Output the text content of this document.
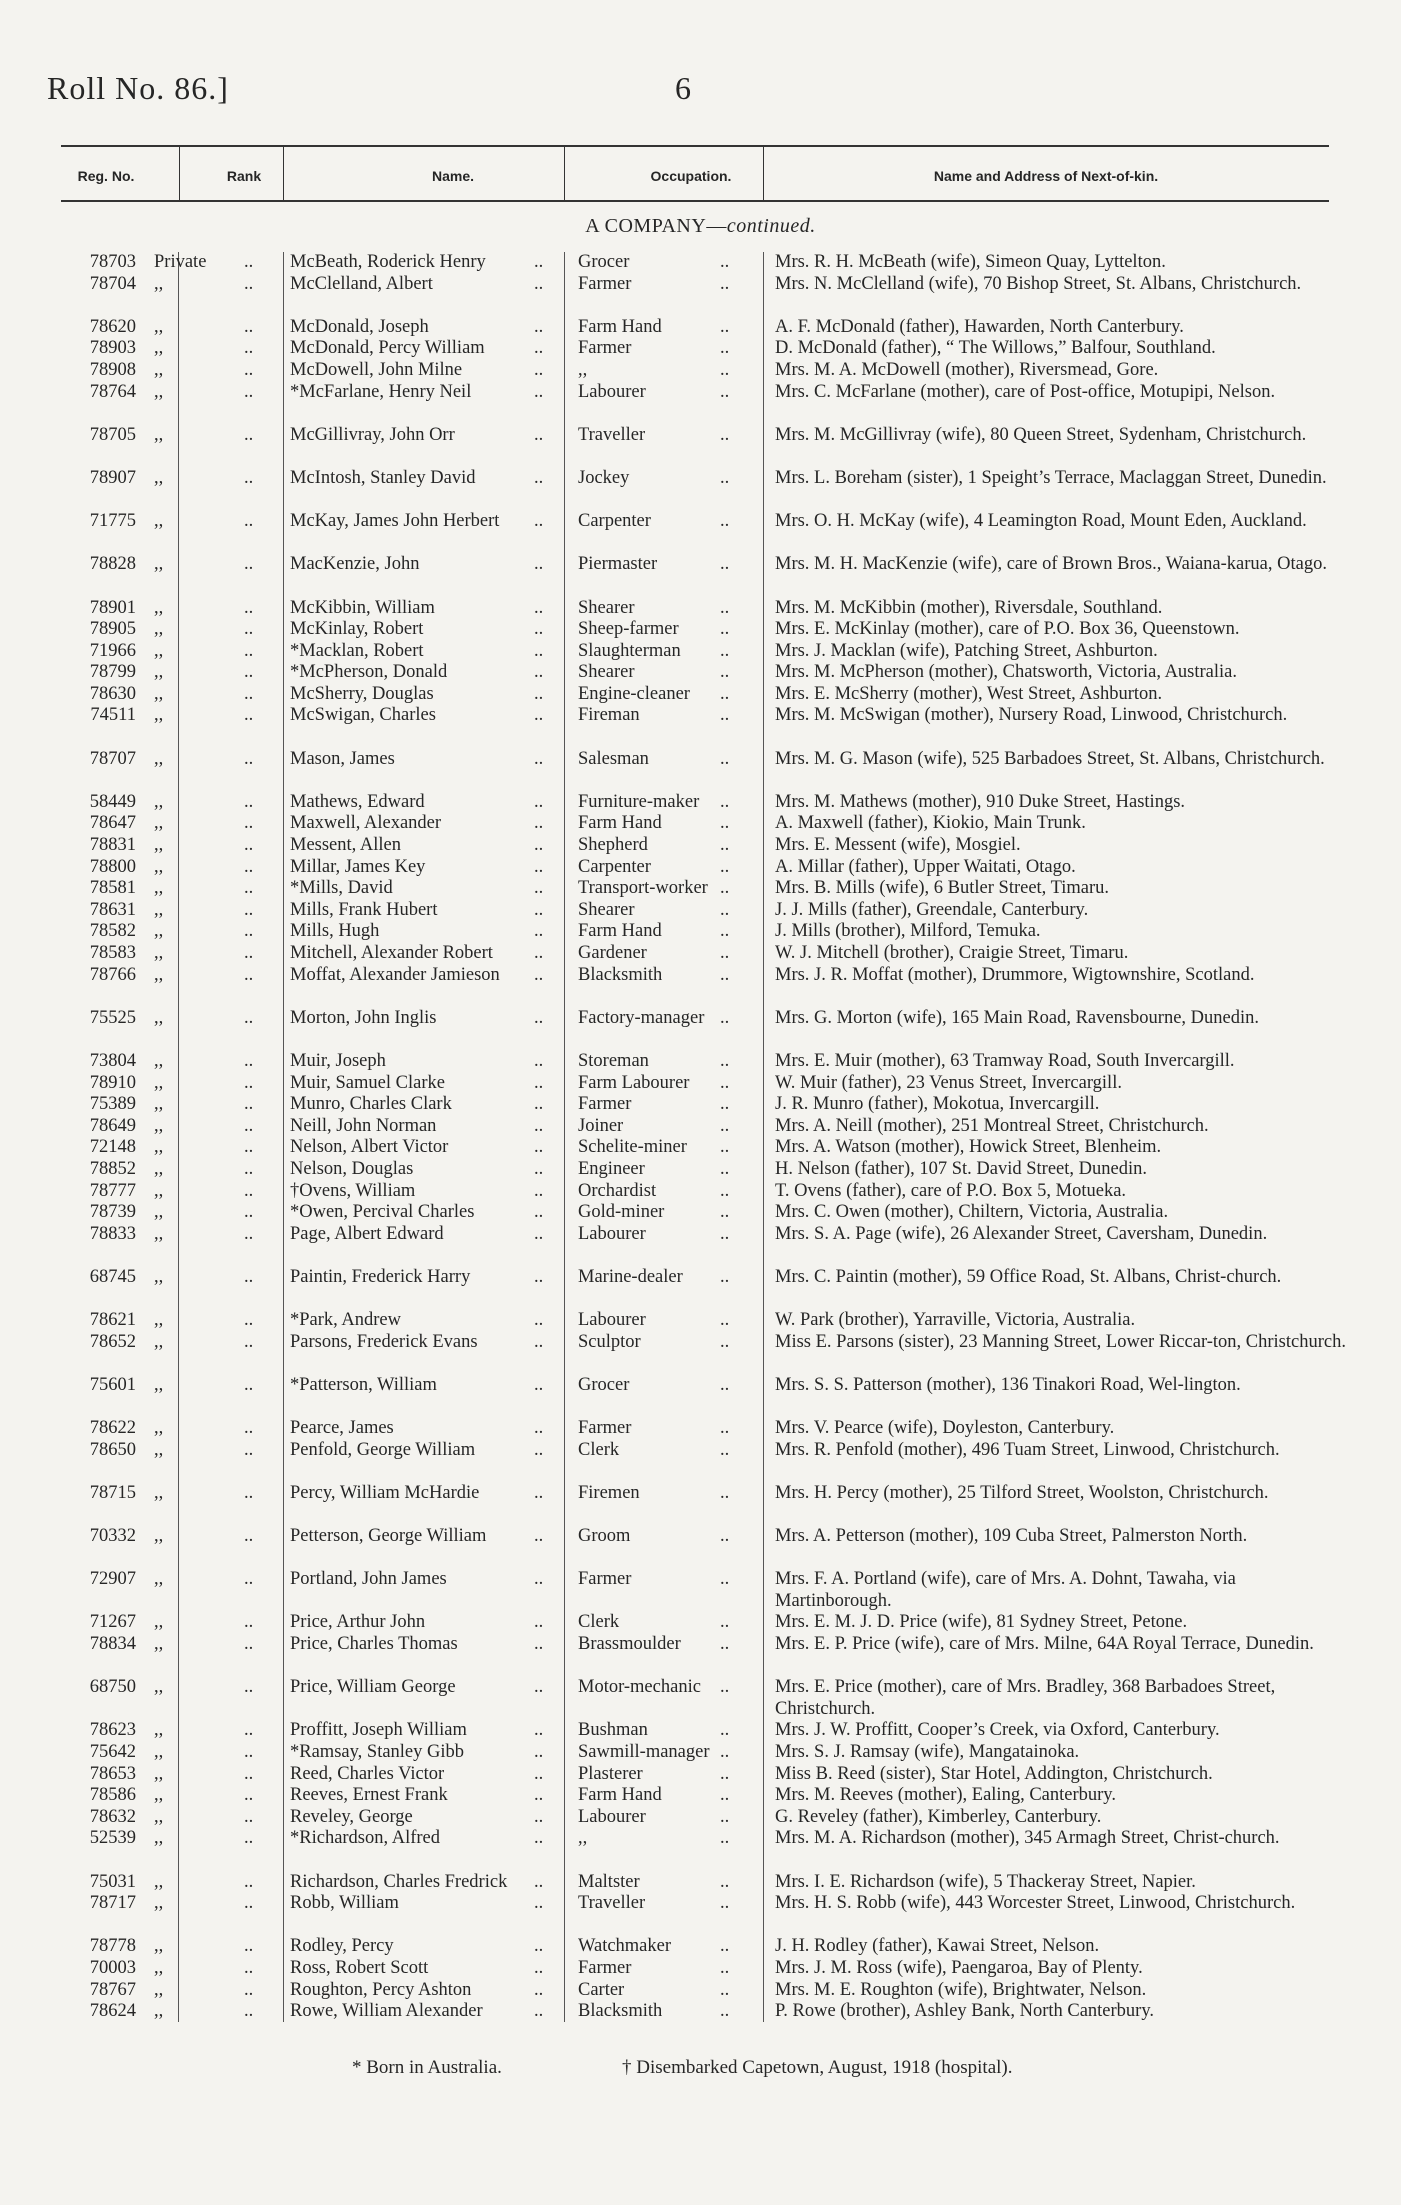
Roll No. 86.]	6
Reg. No.	Rank	Name.	Occupation.	Name and Address of Next-of-kin.
A COMPANY—continued.
78703 Private	.. McBeath, Roderick Henry	.. Grocer	.. Mrs. R. H. McBeath (wife), Simeon Quay, Lyttelton.
78704 ,,	.. McClelland, Albert	.. Farmer	.. Mrs. N. McClelland (wife), 70 Bishop Street, St. Albans, Christchurch.
78620 ,,	.. McDonald, Joseph	.. Farm Hand	.. A. F. McDonald (father), Hawarden, North Canterbury.
78903 ,,	.. McDonald, Percy William	.. Farmer	.. D. McDonald (father), “ The Willows,” Balfour, Southland.
78908 ,,	.. McDowell, John Milne	.. ,,	.. Mrs. M. A. McDowell (mother), Riversmead, Gore.
78764 ,,	.. *McFarlane, Henry Neil	.. Labourer	.. Mrs. C. McFarlane (mother), care of Post-office, Motupipi, Nelson.
78705 ,,	.. McGillivray, John Orr	.. Traveller	.. Mrs. M. McGillivray (wife), 80 Queen Street, Sydenham, Christchurch.
78907 ,,	.. McIntosh, Stanley David	.. Jockey	.. Mrs. L. Boreham (sister), 1 Speight’s Terrace, Maclaggan Street, Dunedin.
71775 ,,	.. McKay, James John Herbert	.. Carpenter	.. Mrs. O. H. McKay (wife), 4 Leamington Road, Mount Eden, Auckland.
78828 ,,	.. MacKenzie, John	.. Piermaster	.. Mrs. M. H. MacKenzie (wife), care of Brown Bros., Waiana-karua, Otago.
78901 ,,	.. McKibbin, William	.. Shearer	.. Mrs. M. McKibbin (mother), Riversdale, Southland.
78905 ,,	.. McKinlay, Robert	.. Sheep-farmer	.. Mrs. E. McKinlay (mother), care of P.O. Box 36, Queenstown.
71966 ,,	.. *Macklan, Robert	.. Slaughterman	.. Mrs. J. Macklan (wife), Patching Street, Ashburton.
78799 ,,	.. *McPherson, Donald	.. Shearer	.. Mrs. M. McPherson (mother), Chatsworth, Victoria, Australia.
78630 ,,	.. McSherry, Douglas	.. Engine-cleaner	.. Mrs. E. McSherry (mother), West Street, Ashburton.
74511 ,,	.. McSwigan, Charles	.. Fireman	.. Mrs. M. McSwigan (mother), Nursery Road, Linwood, Christchurch.
78707 ,,	.. Mason, James	.. Salesman	.. Mrs. M. G. Mason (wife), 525 Barbadoes Street, St. Albans, Christchurch.
58449 ,,	.. Mathews, Edward	.. Furniture-maker	.. Mrs. M. Mathews (mother), 910 Duke Street, Hastings.
78647 ,,	.. Maxwell, Alexander	.. Farm Hand	.. A. Maxwell (father), Kiokio, Main Trunk.
78831 ,,	.. Messent, Allen	.. Shepherd	.. Mrs. E. Messent (wife), Mosgiel.
78800 ,,	.. Millar, James Key	.. Carpenter	.. A. Millar (father), Upper Waitati, Otago.
78581 ,,	.. *Mills, David	.. Transport-worker .. Mrs. B. Mills (wife), 6 Butler Street, Timaru.
78631 ,,	.. Mills, Frank Hubert	.. Shearer	.. J. J. Mills (father), Greendale, Canterbury.
78582 ,,	.. Mills, Hugh	.. Farm Hand	.. J. Mills (brother), Milford, Temuka.
78583 ,,	.. Mitchell, Alexander Robert	.. Gardener	.. W. J. Mitchell (brother), Craigie Street, Timaru.
78766 ,,	.. Moffat, Alexander Jamieson	.. Blacksmith	.. Mrs. J. R. Moffat (mother), Drummore, Wigtownshire, Scotland.
75525 ,,	.. Morton, John Inglis	.. Factory-manager .. Mrs. G. Morton (wife), 165 Main Road, Ravensbourne, Dunedin.
73804 ,,	.. Muir, Joseph	.. Storeman	.. Mrs. E. Muir (mother), 63 Tramway Road, South Invercargill.
78910 ,,	.. Muir, Samuel Clarke	.. Farm Labourer	.. W. Muir (father), 23 Venus Street, Invercargill.
75389 ,,	.. Munro, Charles Clark	.. Farmer	.. J. R. Munro (father), Mokotua, Invercargill.
78649 ,,	.. Neill, John Norman	.. Joiner	.. Mrs. A. Neill (mother), 251 Montreal Street, Christchurch.
72148 ,,	.. Nelson, Albert Victor	.. Schelite-miner	.. Mrs. A. Watson (mother), Howick Street, Blenheim.
78852 ,,	.. Nelson, Douglas	.. Engineer	.. H. Nelson (father), 107 St. David Street, Dunedin.
78777 ,,	.. †Ovens, William	.. Orchardist	.. T. Ovens (father), care of P.O. Box 5, Motueka.
78739 ,,	.. *Owen, Percival Charles	.. Gold-miner	.. Mrs. C. Owen (mother), Chiltern, Victoria, Australia.
78833 ,,	.. Page, Albert Edward	.. Labourer	.. Mrs. S. A. Page (wife), 26 Alexander Street, Caversham, Dunedin.
68745 ,,	.. Paintin, Frederick Harry	.. Marine-dealer	.. Mrs. C. Paintin (mother), 59 Office Road, St. Albans, Christ-church.
78621 ,,	.. *Park, Andrew	.. Labourer	.. W. Park (brother), Yarraville, Victoria, Australia.
78652 ,,	.. Parsons, Frederick Evans	.. Sculptor	.. Miss E. Parsons (sister), 23 Manning Street, Lower Riccar-ton, Christchurch.
75601 ,,	.. *Patterson, William	.. Grocer	.. Mrs. S. S. Patterson (mother), 136 Tinakori Road, Wel-lington.
78622 ,,	.. Pearce, James	.. Farmer	.. Mrs. V. Pearce (wife), Doyleston, Canterbury.
78650 ,,	.. Penfold, George William	.. Clerk	.. Mrs. R. Penfold (mother), 496 Tuam Street, Linwood, Christchurch.
78715 ,,	.. Percy, William McHardie	.. Firemen	.. Mrs. H. Percy (mother), 25 Tilford Street, Woolston, Christchurch.
70332 ,,	.. Petterson, George William	.. Groom	.. Mrs. A. Petterson (mother), 109 Cuba Street, Palmerston North.
72907 ,,	.. Portland, John James	.. Farmer	.. Mrs. F. A. Portland (wife), care of Mrs. A. Dohnt, Tawaha, via Martinborough.
71267 ,,	.. Price, Arthur John	.. Clerk	.. Mrs. E. M. J. D. Price (wife), 81 Sydney Street, Petone.
78834 ,,	.. Price, Charles Thomas	.. Brassmoulder	.. Mrs. E. P. Price (wife), care of Mrs. Milne, 64A Royal Terrace, Dunedin.
68750 ,,	.. Price, William George	.. Motor-mechanic	.. Mrs. E. Price (mother), care of Mrs. Bradley, 368 Barbadoes Street, Christchurch.
78623 ,,	.. Proffitt, Joseph William	.. Bushman	.. Mrs. J. W. Proffitt, Cooper’s Creek, via Oxford, Canterbury.
75642 ,,	.. *Ramsay, Stanley Gibb	.. Sawmill-manager .. Mrs. S. J. Ramsay (wife), Mangatainoka.
78653 ,,	.. Reed, Charles Victor	.. Plasterer	.. Miss B. Reed (sister), Star Hotel, Addington, Christchurch.
78586 ,,	.. Reeves, Ernest Frank	.. Farm Hand	.. Mrs. M. Reeves (mother), Ealing, Canterbury.
78632 ,,	.. Reveley, George	.. Labourer	.. G. Reveley (father), Kimberley, Canterbury.
52539 ,,	.. *Richardson, Alfred	.. ,,	.. Mrs. M. A. Richardson (mother), 345 Armagh Street, Christ-church.
75031 ,,	.. Richardson, Charles Fredrick	.. Maltster	.. Mrs. I. E. Richardson (wife), 5 Thackeray Street, Napier.
78717 ,,	.. Robb, William	.. Traveller	.. Mrs. H. S. Robb (wife), 443 Worcester Street, Linwood, Christchurch.
78778 ,,	.. Rodley, Percy	.. Watchmaker	.. J. H. Rodley (father), Kawai Street, Nelson.
70003 ,,	.. Ross, Robert Scott	.. Farmer	.. Mrs. J. M. Ross (wife), Paengaroa, Bay of Plenty.
78767 ,,	.. Roughton, Percy Ashton	.. Carter	.. Mrs. M. E. Roughton (wife), Brightwater, Nelson.
78624 ,,	.. Rowe, William Alexander	.. Blacksmith	.. P. Rowe (brother), Ashley Bank, North Canterbury.
* Born in Australia.	† Disembarked Capetown, August, 1918 (hospital).
